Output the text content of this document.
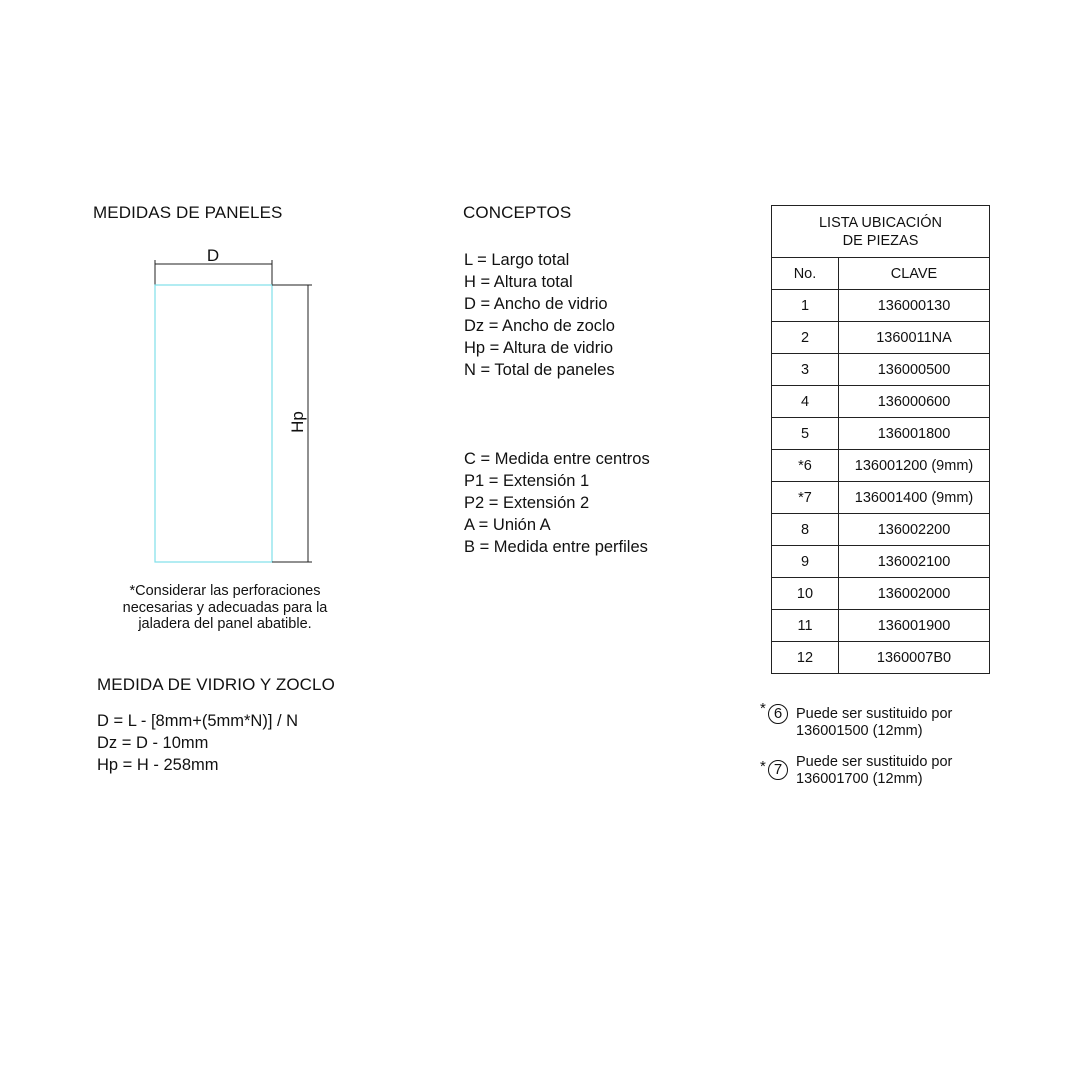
MEDIDAS DE PANELES
D
Hp
*Considerar las perforaciones
necesarias y adecuadas para la
jaladera del panel abatible.
MEDIDA DE VIDRIO Y ZOCLO
D = L - [8mm+(5mm*N)] / N
Dz = D - 10mm
Hp = H - 258mm
CONCEPTOS
L = Largo total
H = Altura total
D = Ancho de vidrio
Dz = Ancho de zoclo
Hp = Altura de vidrio
N = Total de paneles
C = Medida entre centros
P1 = Extensión 1
P2 = Extensión 2
A = Unión A
B = Medida entre perfiles
LISTA UBICACIÓN
DE PIEZAS	

No.	CLAVE
1	136000130
2	1360011NA
3	136000500
4	136000600
5	136001800
*6	136001200 (9mm)
*7	136001400 (9mm)
8	136002200
9	136002100
10	136002000
11	136001900
12	1360007B0
* 6 Puede ser sustituido por
136001500 (12mm)
* 7 Puede ser sustituido por
136001700 (12mm)
